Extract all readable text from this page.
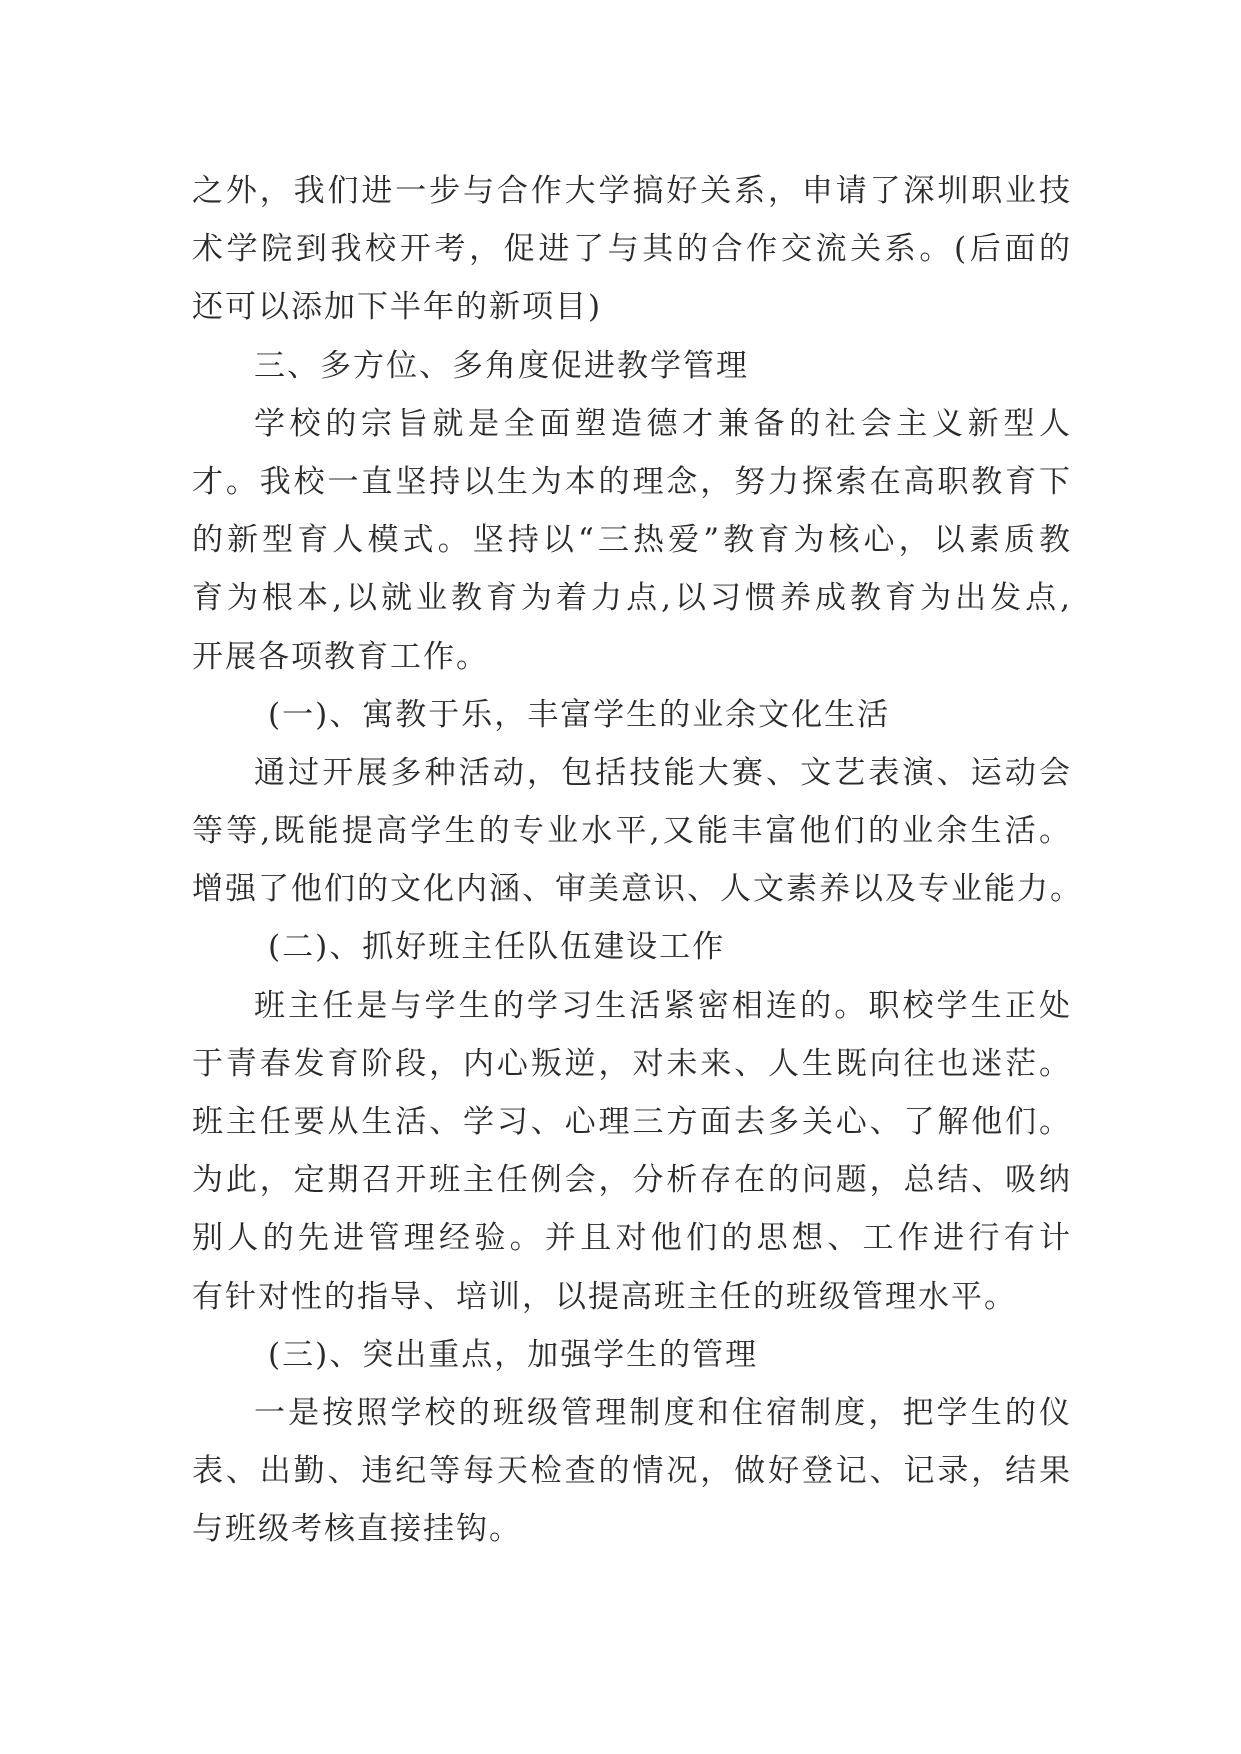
之外，我们进一步与合作大学搞好关系，申请了深圳职业技
术学院到我校开考，促进了与其的合作交流关系。(后面的
还可以添加下半年的新项目)
三、多方位、多角度促进教学管理
学校的宗旨就是全面塑造德才兼备的社会主义新型人
才。我校一直坚持以生为本的理念，努力探索在高职教育下
的新型育人模式。坚持以“三热爱”教育为核心，以素质教
育为根本,以就业教育为着力点,以习惯养成教育为出发点,
开展各项教育工作。
(一)、寓教于乐，丰富学生的业余文化生活
通过开展多种活动，包括技能大赛、文艺表演、运动会
等等,既能提高学生的专业水平,又能丰富他们的业余生活。
增强了他们的文化内涵、审美意识、人文素养以及专业能力。
(二)、抓好班主任队伍建设工作
班主任是与学生的学习生活紧密相连的。职校学生正处
于青春发育阶段，内心叛逆，对未来、人生既向往也迷茫。
班主任要从生活、学习、心理三方面去多关心、了解他们。
为此，定期召开班主任例会，分析存在的问题，总结、吸纳
别人的先进管理经验。并且对他们的思想、工作进行有计
有针对性的指导、培训，以提高班主任的班级管理水平。
(三)、突出重点，加强学生的管理
一是按照学校的班级管理制度和住宿制度，把学生的仪
表、出勤、违纪等每天检查的情况，做好登记、记录，结果
与班级考核直接挂钩。
